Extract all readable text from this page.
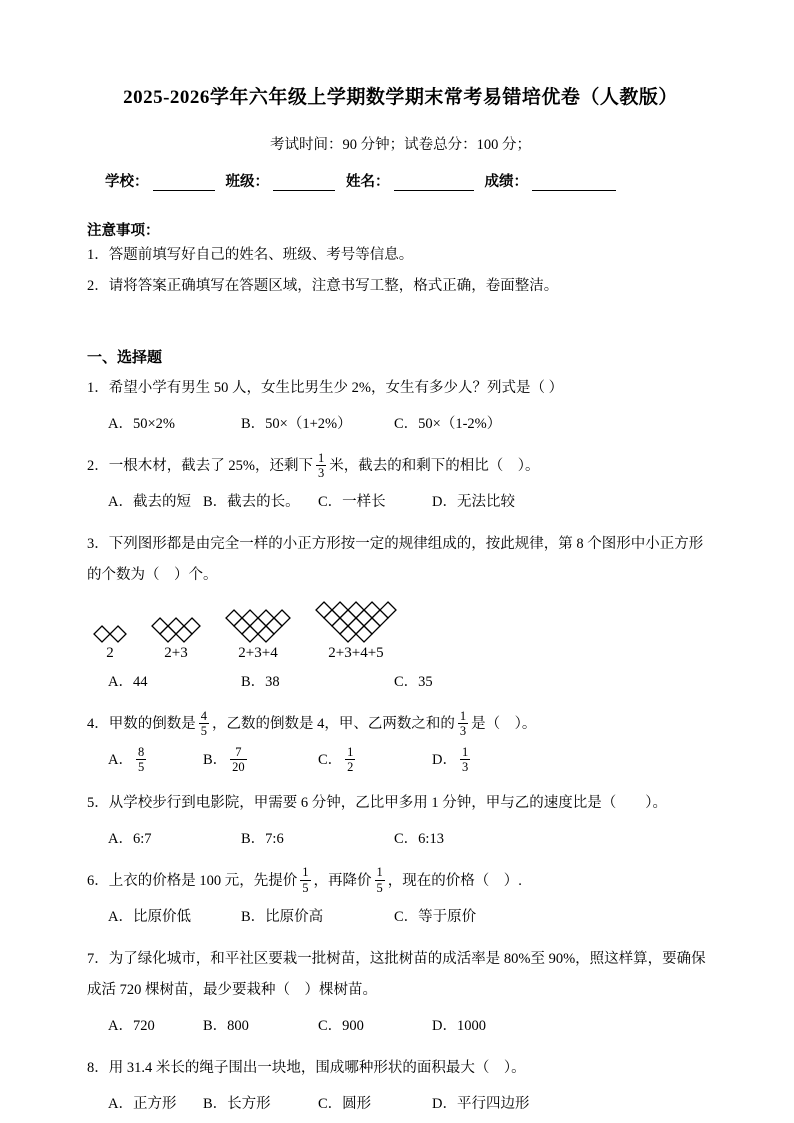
2025-2026学年六年级上学期数学期末常考易错培优卷（人教版）
考试时间：90 分钟；试卷总分：100 分；
学校：	班级：	姓名：	成绩：
注意事项：
1．答题前填写好自己的姓名、班级、考号等信息。
2．请将答案正确填写在答题区域，注意书写工整，格式正确，卷面整洁。
一、选择题
1．希望小学有男生 50 人，女生比男生少 2%，女生有多少人？列式是（ ）
A．50×2%	B．50×（1+2%）	C．50×（1-2%）
2．一根木材，截去了 25%，还剩下 $\frac{1}{3}$ 米，截去的和剩下的相比（　）。
A．截去的短 B．截去的长。	C．一样长	D．无法比较
3．下列图形都是由完全一样的小正方形按一定的规律组成的，按此规律，第 8 个图形中小正方形的个数为（　）个。
2	2+3	2+3+4	2+3+4+5
A．44	B．38	C．35
4．甲数的倒数是 $\frac{4}{5}$ ，乙数的倒数是 4，甲、乙两数之和的 $\frac{1}{3}$ 是（　）。
A． $\frac{8}{5}$	B． $\frac{7}{20}$	C． $\frac{1}{2}$	D． $\frac{1}{3}$
5．从学校步行到电影院，甲需要 6 分钟，乙比甲多用 1 分钟，甲与乙的速度比是（　　）。
A．6:7	B．7:6	C．6:13
6．上衣的价格是 100 元，先提价 $\frac{1}{5}$ ，再降价 $\frac{1}{5}$ ，现在的价格（　）.
A．比原价低	B．比原价高	C．等于原价
7．为了绿化城市，和平社区要栽一批树苗，这批树苗的成活率是 80%至 90%，照这样算，要确保成活 720 棵树苗，最少要栽种（　）棵树苗。
A．720	B．800	C．900	D．1000
8．用 31.4 米长的绳子围出一块地，围成哪种形状的面积最大（　）。
A．正方形	B．长方形	C．圆形	D．平行四边形
